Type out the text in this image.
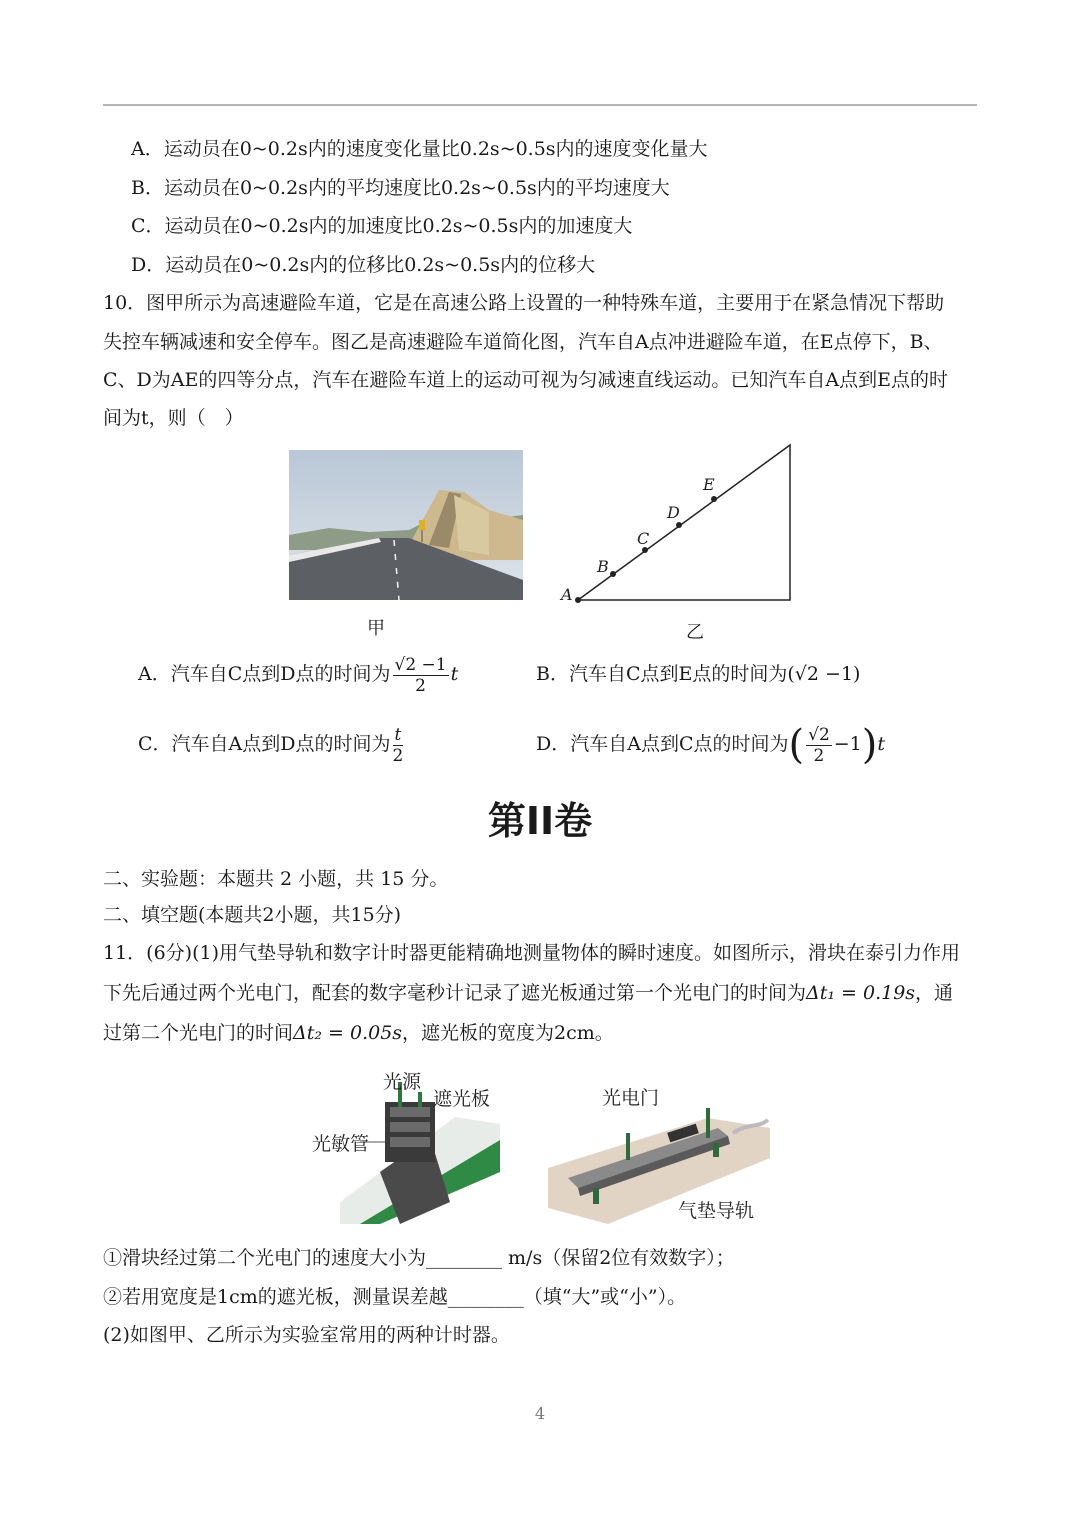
A．运动员在0~0.2s内的速度变化量比0.2s~0.5s内的速度变化量大
B．运动员在0~0.2s内的平均速度比0.2s~0.5s内的平均速度大
C．运动员在0~0.2s内的加速度比0.2s~0.5s内的加速度大
D．运动员在0~0.2s内的位移比0.2s~0.5s内的位移大
10．图甲所示为高速避险车道，它是在高速公路上设置的一种特殊车道，主要用于在紧急情况下帮助
失控车辆减速和安全停车。图乙是高速避险车道简化图，汽车自A点冲进避险车道，在E点停下，B、
C、D为AE的四等分点，汽车在避险车道上的运动可视为匀减速直线运动。已知汽车自A点到E点的时
间为t，则（　）
甲
A
B
C
D
E
乙
A．汽车自C点到D点的时间为 $\frac{√2 -1}{2}$ t	B．汽车自C点到E点的时间为(√2 −1)
C．汽车自A点到D点的时间为 $\frac{t}{2}$	D．汽车自A点到C点的时间为( $\frac{√2}{2} -1)t$
第II卷
二、实验题：本题共 2 小题，共 15 分。
二、填空题(本题共2小题，共15分)
11．(6分)(1)用气垫导轨和数字计时器更能精确地测量物体的瞬时速度。如图所示，滑块在泰引力作用
下先后通过两个光电门，配套的数字毫秒计记录了遮光板通过第一个光电门的时间为Δt₁ = 0.19s，通
过第二个光电门的时间Δt₂ = 0.05s，遮光板的宽度为2cm。
光源
遮光板
光敏管
光电门
气垫导轨
①滑块经过第二个光电门的速度大小为________ m/s（保留2位有效数字）；
②若用宽度是1cm的遮光板，测量误差越________（填“大”或“小”）。
(2)如图甲、乙所示为实验室常用的两种计时器。
4
